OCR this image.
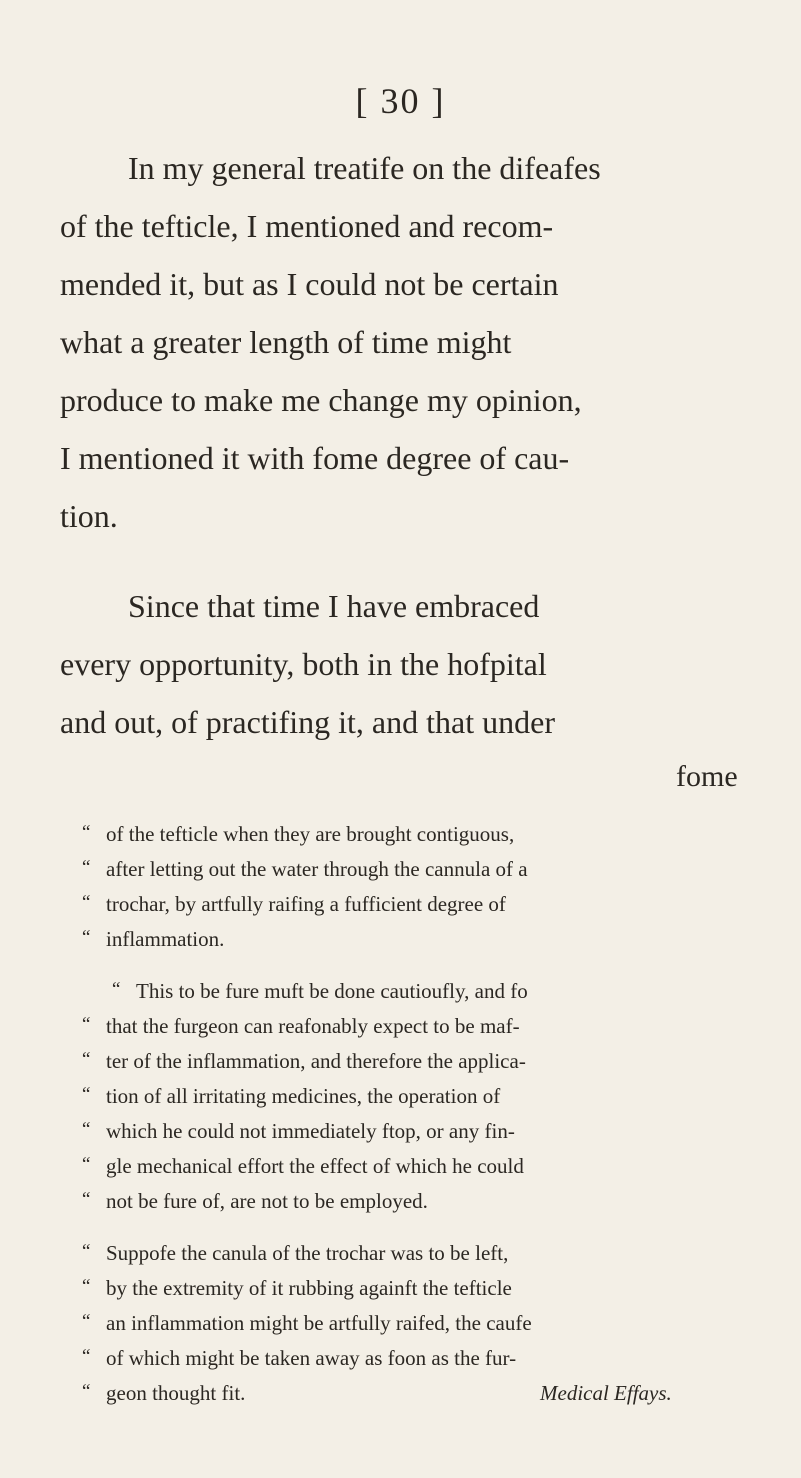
[ 30 ]
In my general treatife on the difeafes
of the tefticle, I mentioned and recom-
mended it, but as I could not be certain
what a greater length of time might
produce to make me change my opinion,
I mentioned it with fome degree of cau-
tion.
Since that time I have embraced
every opportunity, both in the hofpital
and out, of practifing it, and that under
fome
“ of the tefticle when they are brought contiguous,
“ after letting out the water through the cannula of a
“ trochar, by artfully raifing a fufficient degree of
“ inflammation.
“ This to be fure muft be done cautioufly, and fo
“ that the furgeon can reafonably expect to be maf-
“ ter of the inflammation, and therefore the applica-
“ tion of all irritating medicines, the operation of
“ which he could not immediately ftop, or any fin-
“ gle mechanical effort the effect of which he could
“ not be fure of, are not to be employed.
“ Suppofe the canula of the trochar was to be left,
“ by the extremity of it rubbing againft the tefticle
“ an inflammation might be artfully raifed, the caufe
“ of which might be taken away as foon as the fur-
“ geon thought fit.	Medical Effays.
